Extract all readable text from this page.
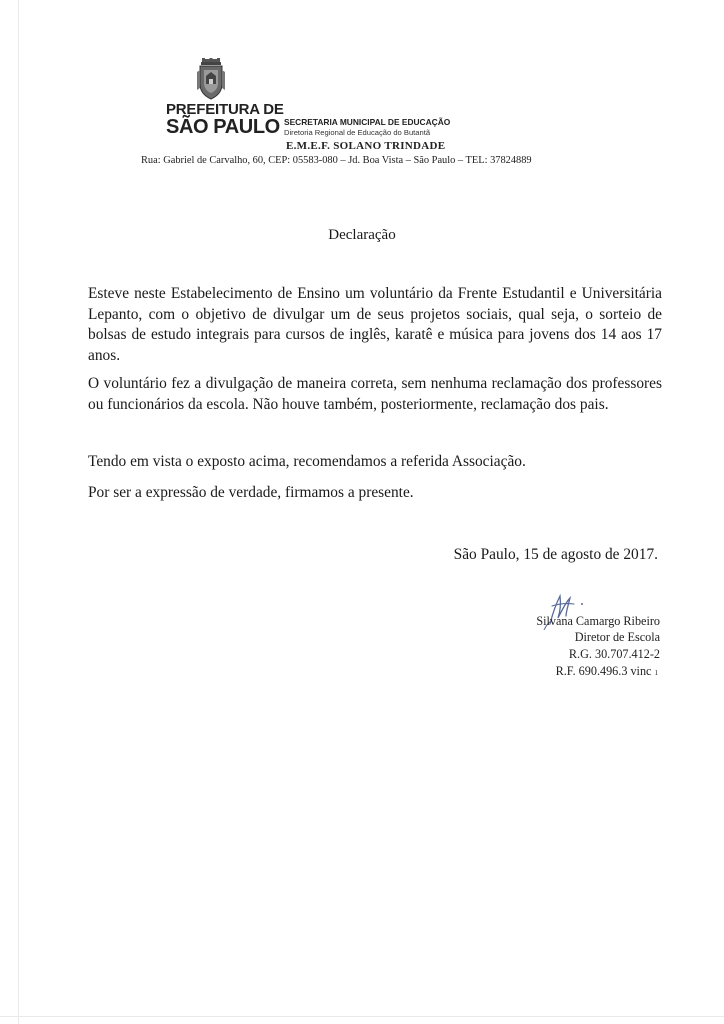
PREFEITURA DE
SÃO PAULO SECRETARIA MUNICIPAL DE EDUCAÇÃO
Diretoria Regional de Educação do Butantã
E.M.E.F. SOLANO TRINDADE
Rua: Gabriel de Carvalho, 60, CEP: 05583-080 – Jd. Boa Vista – São Paulo – TEL: 37824889
Declaração
Esteve neste Estabelecimento de Ensino um voluntário da Frente Estudantil e Universitária Lepanto, com o objetivo de divulgar um de seus projetos sociais, qual seja, o sorteio de bolsas de estudo integrais para cursos de inglês, karatê e música para jovens dos 14 aos 17 anos.
O voluntário fez a divulgação de maneira correta, sem nenhuma reclamação dos professores ou funcionários da escola. Não houve também, posteriormente, reclamação dos pais.
Tendo em vista o exposto acima, recomendamos a referida Associação.
Por ser a expressão de verdade, firmamos a presente.
São Paulo, 15 de agosto de 2017.
Silvana Camargo Ribeiro
Diretor de Escola
R.G. 30.707.412-2
R.F. 690.496.3 vinc 1
